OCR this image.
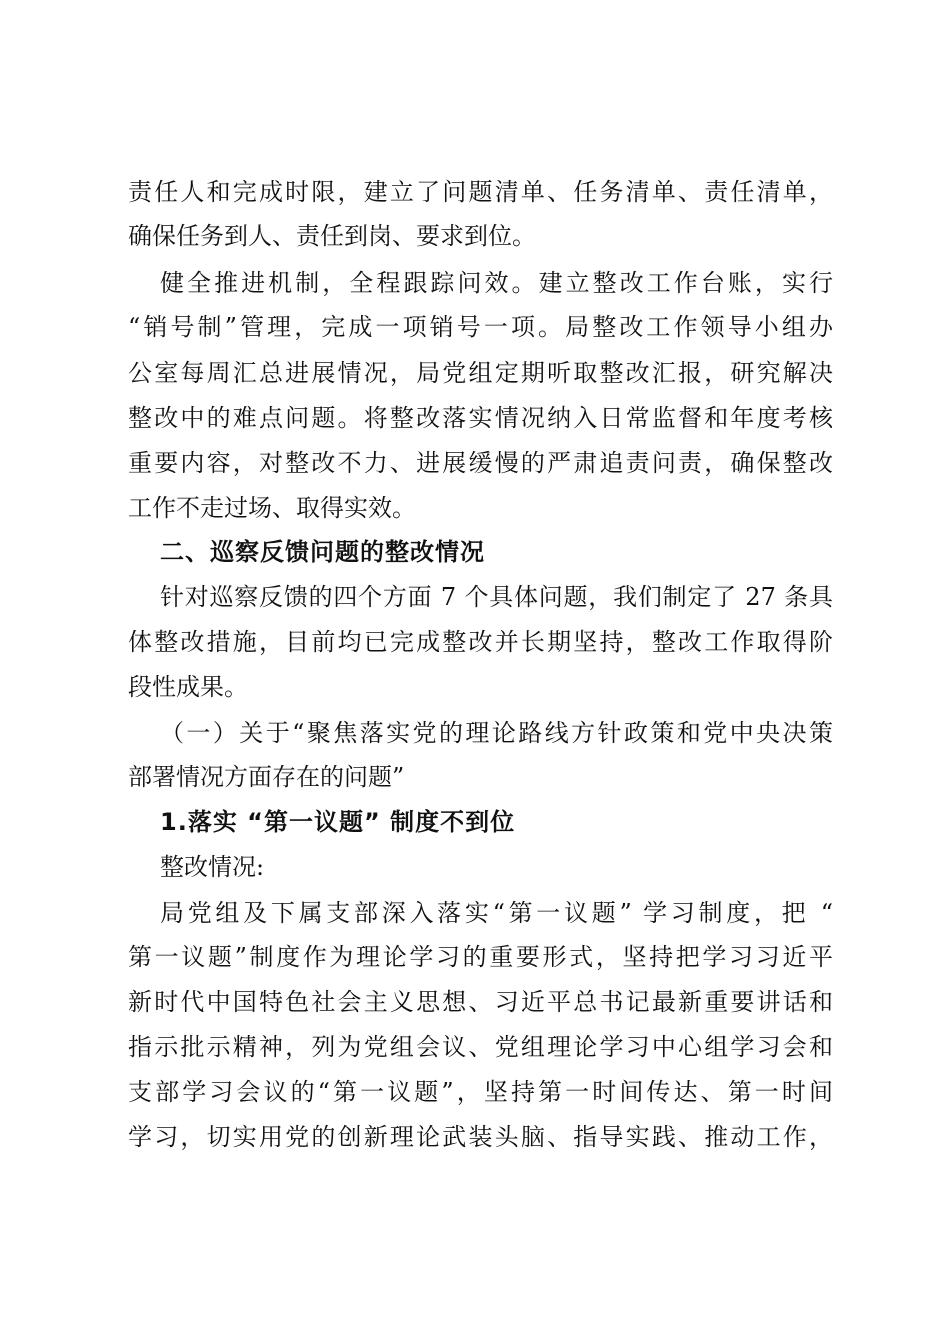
责任人和完成时限，建立了问题清单、任务清单、责任清单，
确保任务到人、责任到岗、要求到位。
健全推进机制，全程跟踪问效。建立整改工作台账，实行
“销号制”管理，完成一项销号一项。局整改工作领导小组办
公室每周汇总进展情况，局党组定期听取整改汇报，研究解决
整改中的难点问题。将整改落实情况纳入日常监督和年度考核
重要内容，对整改不力、进展缓慢的严肃追责问责，确保整改
工作不走过场、取得实效。
二、巡察反馈问题的整改情况
针对巡察反馈的四个方面 7 个具体问题，我们制定了 27 条具
体整改措施，目前均已完成整改并长期坚持，整改工作取得阶
段性成果。
（一）关于“聚焦落实党的理论路线方针政策和党中央决策
部署情况方面存在的问题”
1.落实 “第一议题” 制度不到位
整改情况:
局党组及下属支部深入落实“第一议题” 学习制度，把 “
第一议题”制度作为理论学习的重要形式，坚持把学习习近平
新时代中国特色社会主义思想、习近平总书记最新重要讲话和
指示批示精神，列为党组会议、党组理论学习中心组学习会和
支部学习会议的“第一议题”，坚持第一时间传达、第一时间
学习，切实用党的创新理论武装头脑、指导实践、推动工作，
